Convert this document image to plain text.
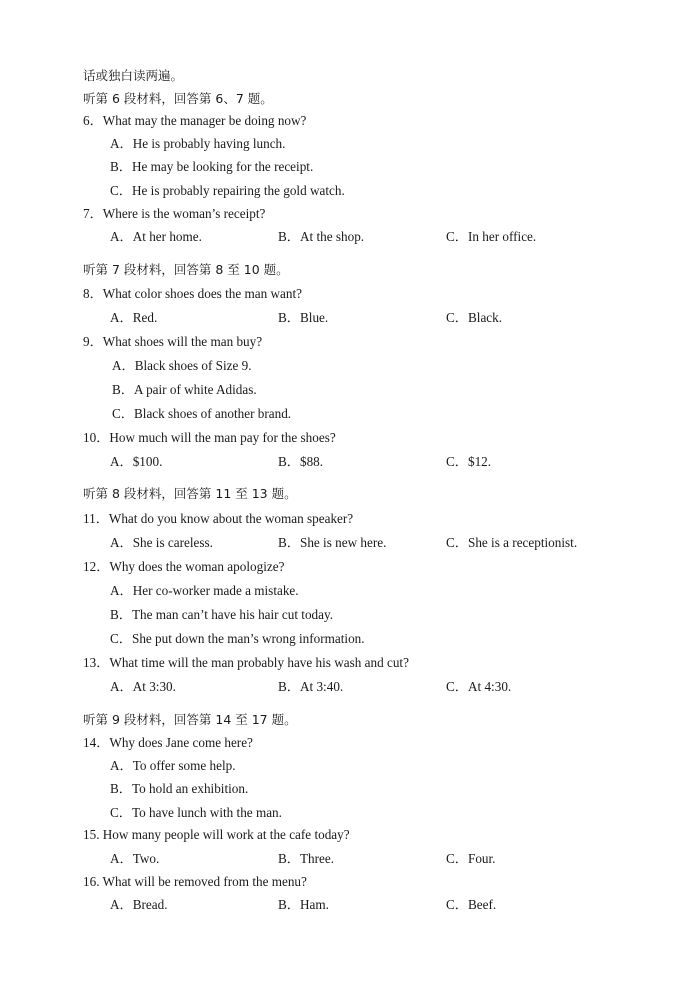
话或独白读两遍。
听第 6 段材料，回答第 6、7 题。
6．What may the manager be doing now?
A．He is probably having lunch.
B．He may be looking for the receipt.
C．He is probably repairing the gold watch.
7．Where is the woman’s receipt?
A．At her home.	B．At the shop.	C．In her office.
听第 7 段材料，回答第 8 至 10 题。
8．What color shoes does the man want?
A．Red.	B．Blue.	C．Black.
9．What shoes will the man buy?
A．Black shoes of Size 9.
B．A pair of white Adidas.
C．Black shoes of another brand.
10．How much will the man pay for the shoes?
A．$100.	B．$88.	C．$12.
听第 8 段材料，回答第 11 至 13 题。
11．What do you know about the woman speaker?
A．She is careless.	B．She is new here.	C．She is a receptionist.
12．Why does the woman apologize?
A．Her co-worker made a mistake.
B．The man can’t have his hair cut today.
C．She put down the man’s wrong information.
13．What time will the man probably have his wash and cut?
A．At 3:30.	B．At 3:40.	C．At 4:30.
听第 9 段材料，回答第 14 至 17 题。
14．Why does Jane come here?
A．To offer some help.
B．To hold an exhibition.
C．To have lunch with the man.
15. How many people will work at the cafe today?
A．Two.	B．Three.	C．Four.
16. What will be removed from the menu?
A．Bread.	B．Ham.	C．Beef.
